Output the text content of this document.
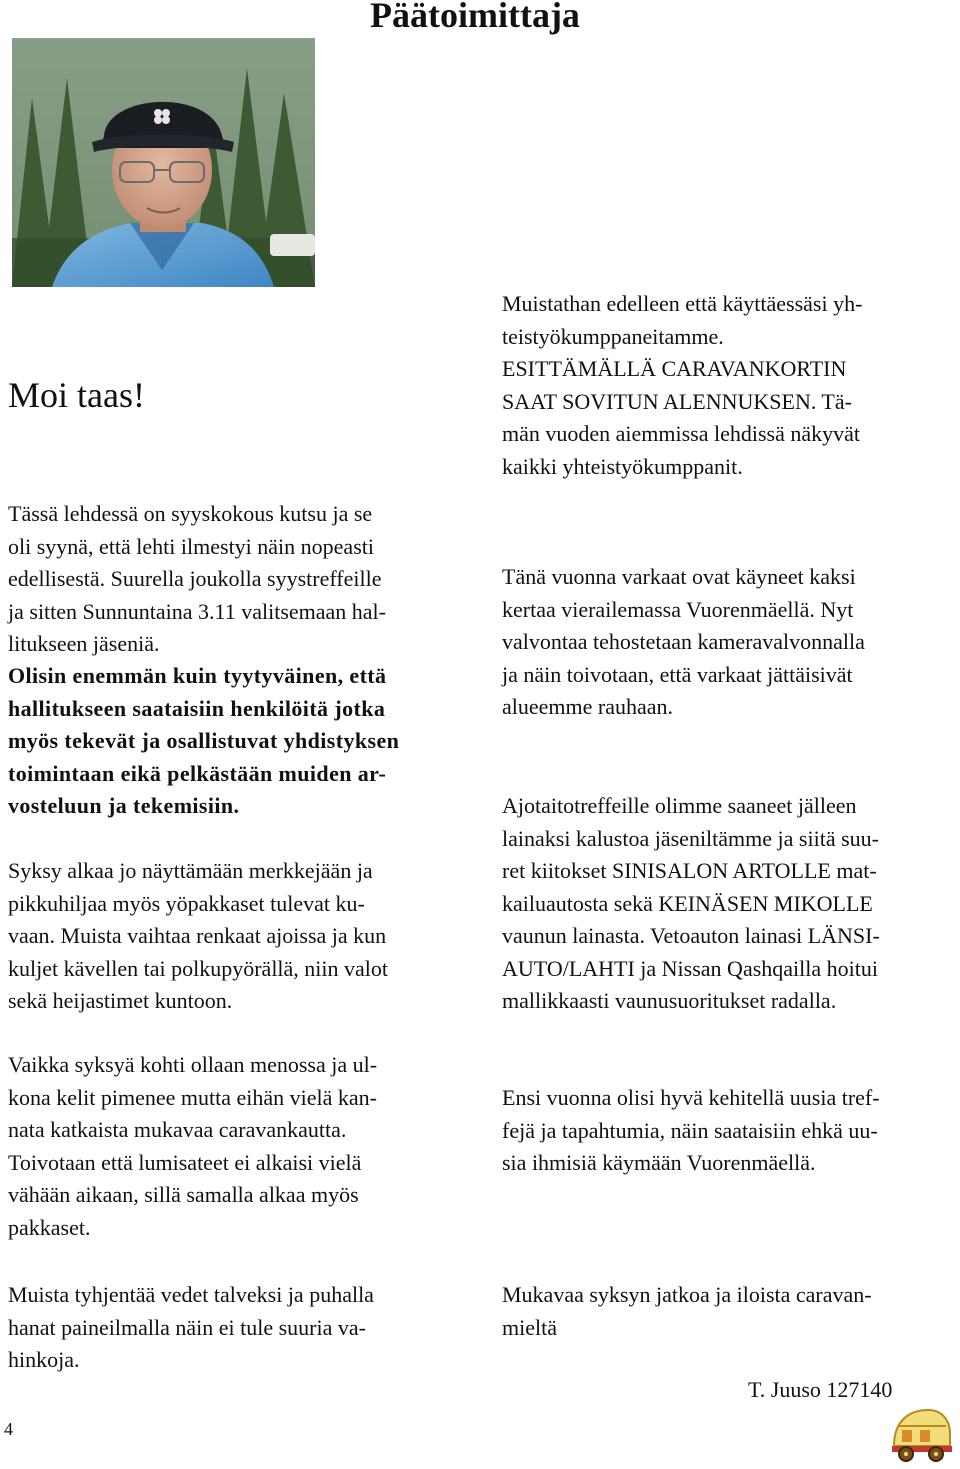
Päätoimittaja
Moi taas!

Tässä lehdessä on syyskokous kutsu ja se
oli syynä, että lehti ilmestyi näin nopeasti
edellisestä. Suurella joukolla syystreffeille
ja sitten Sunnuntaina 3.11 valitsemaan hal-
litukseen jäseniä.

Olisin enemmän kuin tyytyväinen, että
hallitukseen saataisiin henkilöitä jotka
myös tekevät ja osallistuvat yhdistyksen
toimintaan eikä pelkästään muiden ar-
vosteluun ja tekemisiin.

Syksy alkaa jo näyttämään merkkejään ja
pikkuhiljaa myös yöpakkaset tulevat ku-
vaan. Muista vaihtaa renkaat ajoissa ja kun
kuljet kävellen tai polkupyörällä, niin valot
sekä heijastimet kuntoon.

Vaikka syksyä kohti ollaan menossa ja ul-
kona kelit pimenee mutta eihän vielä kan-
nata katkaista mukavaa caravankautta.
Toivotaan että lumisateet ei alkaisi vielä
vähään aikaan, sillä samalla alkaa myös
pakkaset.

Muista tyhjentää vedet talveksi ja puhalla
hanat paineilmalla näin ei tule suuria va-
hinkoja.

Muistathan edelleen että käyttäessäsi yh-
teistyökumppaneitamme.
ESITTÄMÄLLÄ CARAVANKORTIN
SAAT SOVITUN ALENNUKSEN. Tä-
män vuoden aiemmissa lehdissä näkyvät
kaikki yhteistyökumppanit.

Tänä vuonna varkaat ovat käyneet kaksi
kertaa vierailemassa Vuorenmäellä. Nyt
valvontaa tehostetaan kameravalvonnalla
ja näin toivotaan, että varkaat jättäisivät
alueemme rauhaan.

Ajotaitotreffeille olimme saaneet jälleen
lainaksi kalustoa jäseniltämme ja siitä suu-
ret kiitokset SINISALON ARTOLLE mat-
kailuautosta sekä KEINÄSEN MIKOLLE
vaunun lainasta. Vetoauton lainasi LÄNSI-
AUTO/LAHTI ja Nissan Qashqailla hoitui
mallikkaasti vaunusuoritukset radalla.

Ensi vuonna olisi hyvä kehitellä uusia tref-
fejä ja tapahtumia, näin saataisiin ehkä uu-
sia ihmisiä käymään Vuorenmäellä.

Mukavaa syksyn jatkoa ja iloista caravan-
mieltä

T. Juuso 127140
4
